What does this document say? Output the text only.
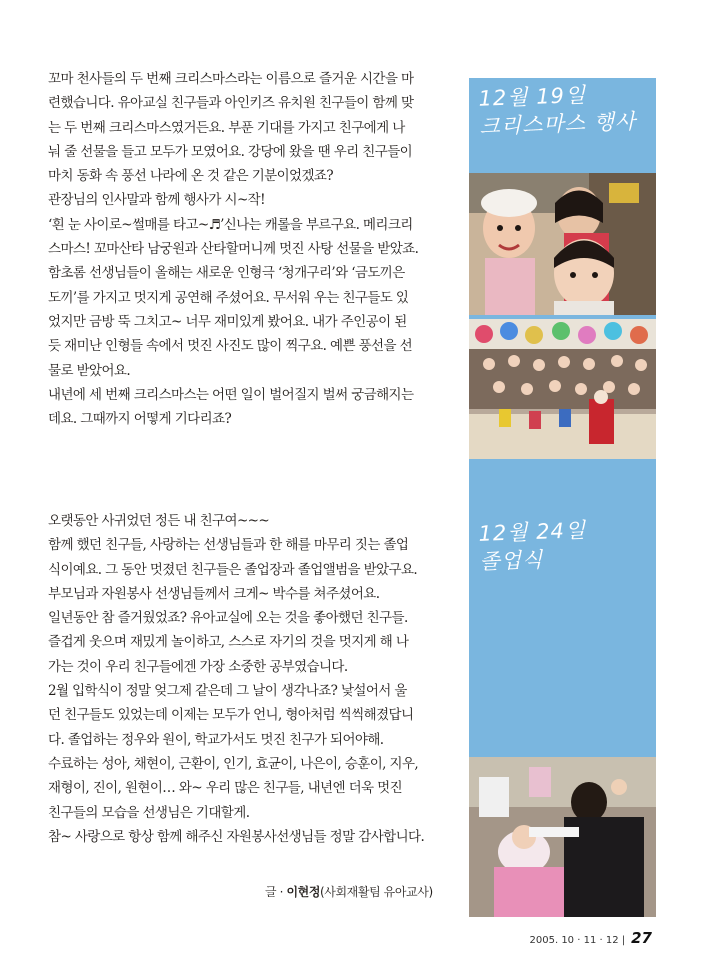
꼬마 천사들의 두 번째 크리스마스라는 이름으로 즐거운 시간을 마

련했습니다. 유아교실 친구들과 아인키즈 유치원 친구들이 함께 맞

는 두 번째 크리스마스였거든요. 부푼 기대를 가지고 친구에게 나

눠 줄 선물을 들고 모두가 모였어요. 강당에 왔을 땐 우리 친구들이

마치 동화 속 풍선 나라에 온 것 같은 기분이었겠죠?

관장님의 인사말과 함께 행사가 시~작!

‘흰 눈 사이로~썰매를 타고~♬’신나는 캐롤을 부르구요. 메리크리

스마스! 꼬마산타 남궁원과 산타할머니께 멋진 사탕 선물을 받았죠.

함초롬 선생님들이 올해는 새로운 인형극 ‘청개구리’와 ‘금도끼은

도끼’를 가지고 멋지게 공연해 주셨어요. 무서워 우는 친구들도 있

었지만 금방 뚝 그치고~ 너무 재미있게 봤어요. 내가 주인공이 된

듯 재미난 인형들 속에서 멋진 사진도 많이 찍구요. 예쁜 풍선을 선

물로 받았어요.

내년에 세 번째 크리스마스는 어떤 일이 벌어질지 벌써 궁금해지는

데요. 그때까지 어떻게 기다리죠?

오랫동안 사귀었던 정든 내 친구여~~~

함께 했던 친구들, 사랑하는 선생님들과 한 해를 마무리 짓는 졸업

식이예요. 그 동안 멋졌던 친구들은 졸업장과 졸업앨범을 받았구요.

부모님과 자원봉사 선생님들께서 크게~ 박수를 쳐주셨어요.

일년동안 참 즐거웠었죠? 유아교실에 오는 것을 좋아했던 친구들.

즐겁게 웃으며 재밌게 놀이하고, 스스로 자기의 것을 멋지게 해 나

가는 것이 우리 친구들에겐 가장 소중한 공부였습니다.

2월 입학식이 정말 엊그제 같은데 그 날이 생각나죠? 낯설어서 울

던 친구들도 있었는데 이제는 모두가 언니, 형아처럼 씩씩해졌답니

다. 졸업하는 정우와 원이, 학교가서도 멋진 친구가 되어야해.

수료하는 성아, 채현이, 근환이, 인기, 효균이, 나은이, 승훈이, 지우,

재형이, 진이, 원현이… 와~ 우리 많은 친구들, 내년엔 더욱 멋진

친구들의 모습을 선생님은 기대할게.

참~ 사랑으로 항상 함께 해주신 자원봉사선생님들 정말 감사합니다.

글 · 이현정(사회재활팀 유아교사)
12월 19일
크리스마스 행사
12월 24일
졸업식
2005. 10 · 11 · 12 | 27
